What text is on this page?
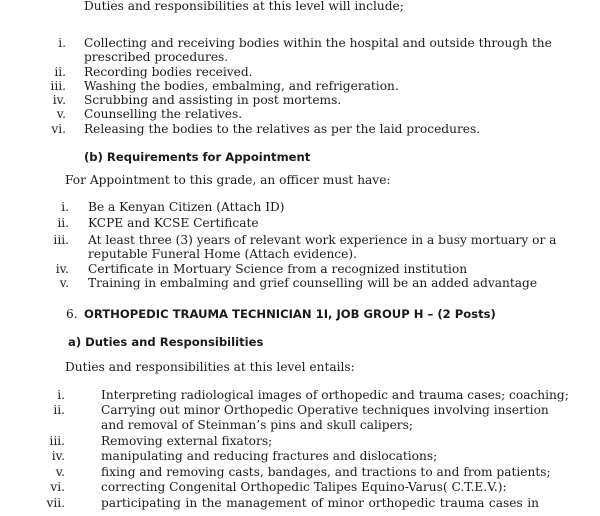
Duties and responsibilities at this level will include;
i. Collecting and receiving bodies within the hospital and outside through the
prescribed procedures.
ii. Recording bodies received.
iii. Washing the bodies, embalming, and refrigeration.
iv. Scrubbing and assisting in post mortems.
v. Counselling the relatives.
vi. Releasing the bodies to the relatives as per the laid procedures.
(b) Requirements for Appointment
For Appointment to this grade, an officer must have:
i. Be a Kenyan Citizen (Attach ID)
ii. KCPE and KCSE Certificate
iii. At least three (3) years of relevant work experience in a busy mortuary or a
reputable Funeral Home (Attach evidence).
iv. Certificate in Mortuary Science from a recognized institution
v. Training in embalming and grief counselling will be an added advantage
6. ORTHOPEDIC TRAUMA TECHNICIAN 1I, JOB GROUP H – (2 Posts)
a) Duties and Responsibilities
Duties and responsibilities at this level entails:
i.	Interpreting radiological images of orthopedic and trauma cases; coaching;
ii.	Carrying out minor Orthopedic Operative techniques involving insertion
and removal of Steinman’s pins and skull calipers;
iii.	Removing external fixators;
iv.	manipulating and reducing fractures and dislocations;
v.	fixing and removing casts, bandages, and tractions to and from patients;
vi.	correcting Congenital Orthopedic Talipes Equino-Varus( C.T.E.V.):
vii.	participating in the management of minor orthopedic trauma cases in
